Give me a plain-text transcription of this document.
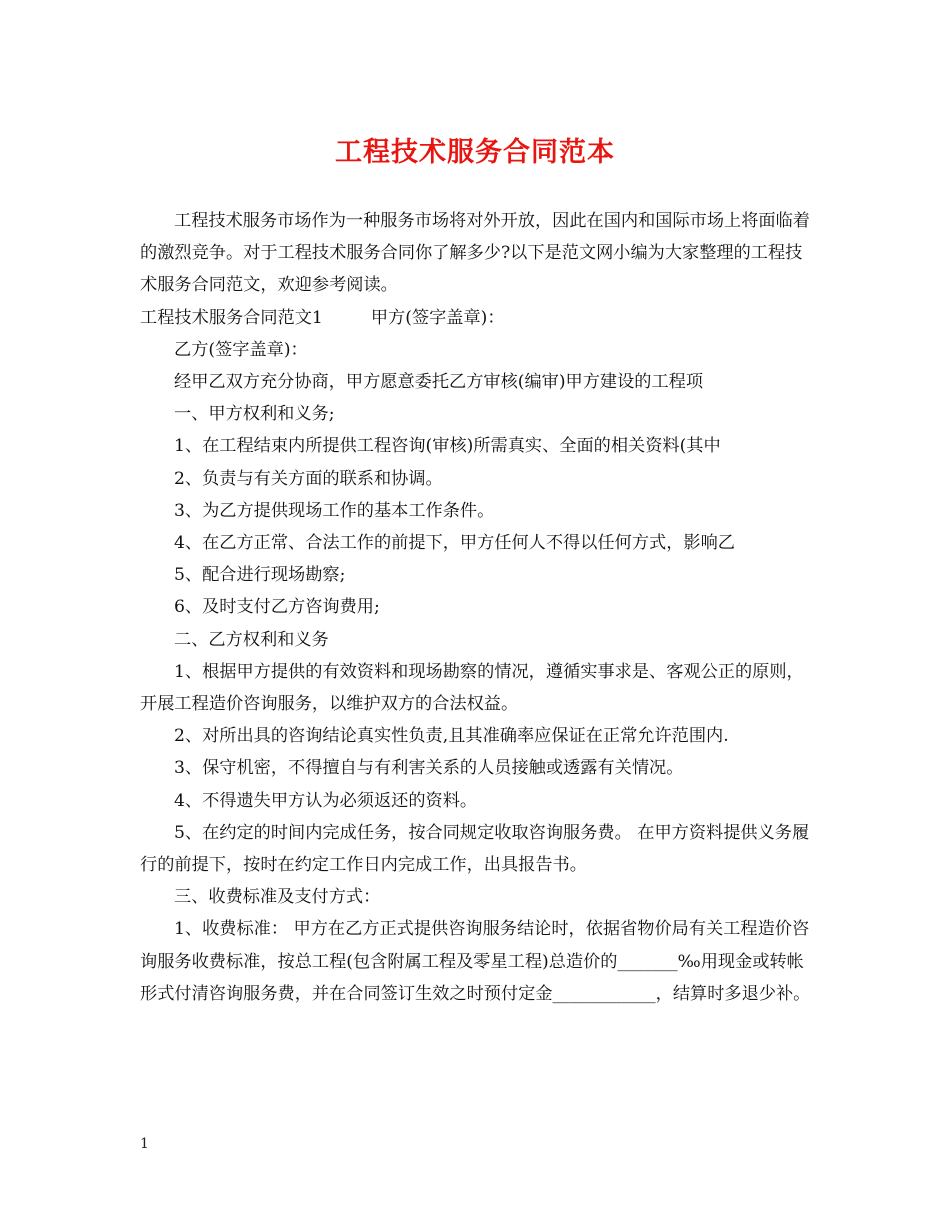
工程技术服务合同范本

工程技术服务市场作为一种服务市场将对外开放，因此在国内和国际市场上将面临着的激烈竞争。对于工程技术服务合同你了解多少?以下是范文网小编为大家整理的工程技术服务合同范文，欢迎参考阅读。

工程技术服务合同范文1	甲方(签字盖章)：

乙方(签字盖章)：

经甲乙双方充分协商，甲方愿意委托乙方审核(编审)甲方建设的工程项

一、甲方权利和义务;

1、在工程结束内所提供工程咨询(审核)所需真实、全面的相关资料(其中

2、负责与有关方面的联系和协调。

3、为乙方提供现场工作的基本工作条件。

4、在乙方正常、合法工作的前提下，甲方任何人不得以任何方式，影响乙

5、配合进行现场勘察;

6、及时支付乙方咨询费用;

二、乙方权利和义务

1、根据甲方提供的有效资料和现场勘察的情况，遵循实事求是、客观公正的原则，开展工程造价咨询服务，以维护双方的合法权益。

2、对所出具的咨询结论真实性负责,且其准确率应保证在正常允许范围内.

3、保守机密，不得擅自与有利害关系的人员接触或透露有关情况。

4、不得遗失甲方认为必须返还的资料。

5、在约定的时间内完成任务，按合同规定收取咨询服务费。 在甲方资料提供义务履行的前提下，按时在约定工作日内完成工作，出具报告书。

三、收费标准及支付方式：

1、收费标准： 甲方在乙方正式提供咨询服务结论时，依据省物价局有关工程造价咨询服务收费标准，按总工程(包含附属工程及零星工程)总造价的_______‰用现金或转帐形式付清咨询服务费，并在合同签订生效之时预付定金____________，结算时多退少补。

1
